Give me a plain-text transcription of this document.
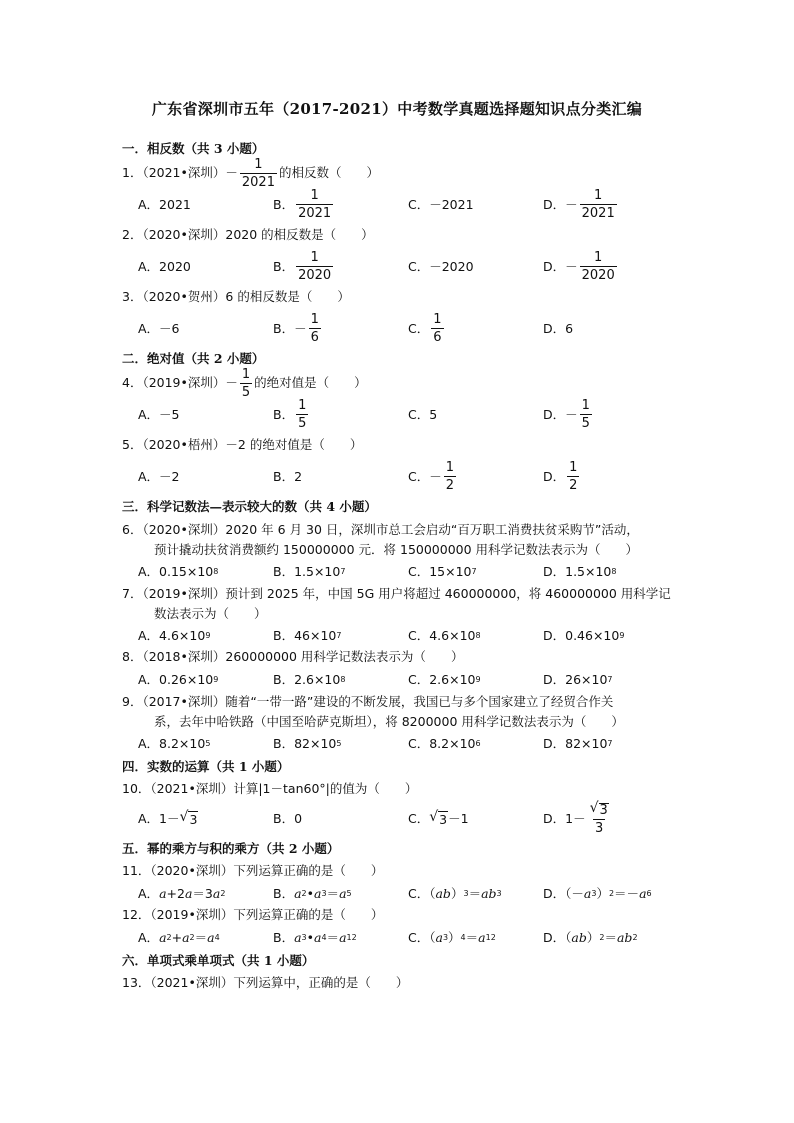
广东省深圳市五年（2017-2021）中考数学真题选择题知识点分类汇编
一．相反数（共 3 小题）
1．（2021•深圳）－ $\frac{1}{2021}$ 的相反数（　　）
A．2021	B． $\frac{1}{2021}$	C．－2021	D．－ $\frac{1}{2021}$
2．（2020•深圳）2020 的相反数是（　　）
A．2020	B． $\frac{1}{2020}$	C．－2020	D．－ $\frac{1}{2020}$
3．（2020•贺州）6 的相反数是（　　）
A．－6	B．－ $\frac{1}{6}$	C． $\frac{1}{6}$	D．6
二．绝对值（共 2 小题）
4．（2019•深圳）－ $\frac{1}{5}$ 的绝对值是（　　）
A．－5	B． $\frac{1}{5}$	C．5	D．－ $\frac{1}{5}$
5．（2020•梧州）－2 的绝对值是（　　）
A．－2	B．2	C．－ $\frac{1}{2}$	D． $\frac{1}{2}$
三．科学记数法—表示较大的数（共 4 小题）
6．（2020•深圳）2020 年 6 月 30 日，深圳市总工会启动“百万职工消费扶贫采购节”活动，
预计撬动扶贫消费额约 150000000 元．将 150000000 用科学记数法表示为（　　）
A．0.15×10 8	B．1.5×10 7	C．15×10 7	D．1.5×10 8
7．（2019•深圳）预计到 2025 年，中国 5G 用户将超过 460000000，将 460000000 用科学记
数法表示为（　　）
A．4.6×10 9	B．46×10 7	C．4.6×10 8	D．0.46×10 9
8．（2018•深圳）260000000 用科学记数法表示为（　　）
A．0.26×10 9	B．2.6×10 8	C．2.6×10 9	D．26×10 7
9．（2017•深圳）随着“一带一路”建设的不断发展，我国已与多个国家建立了经贸合作关
系，去年中哈铁路（中国至哈萨克斯坦），将 8200000 用科学记数法表示为（　　）
A．8.2×10 5	B．82×10 5	C．8.2×10 6	D．82×10 7
四．实数的运算（共 1 小题）
10．（2021•深圳）计算|1－tan60°|的值为（　　）
A．1－ √ 3	B．0	C． √ 3 －1	D．$1- \frac{√ 3}{3}$
五．幂的乘方与积的乘方（共 2 小题）
11．（2020•深圳）下列运算正确的是（　　）
A． a +2 a ＝3 a 2	B． a 2 • a 3 ＝ a 5	C．（ ab ） 3 ＝ ab 3	D．（－ a 3 ） 2 ＝－ a 6
12．（2019•深圳）下列运算正确的是（　　）
A． a 2 + a 2 ＝ a 4	B． a 3 • a 4 ＝ a 12	C．（ a 3 ） 4 ＝ a 12	D．（ ab ） 2 ＝ ab 2
六．单项式乘单项式（共 1 小题）
13．（2021•深圳）下列运算中，正确的是（　　）
